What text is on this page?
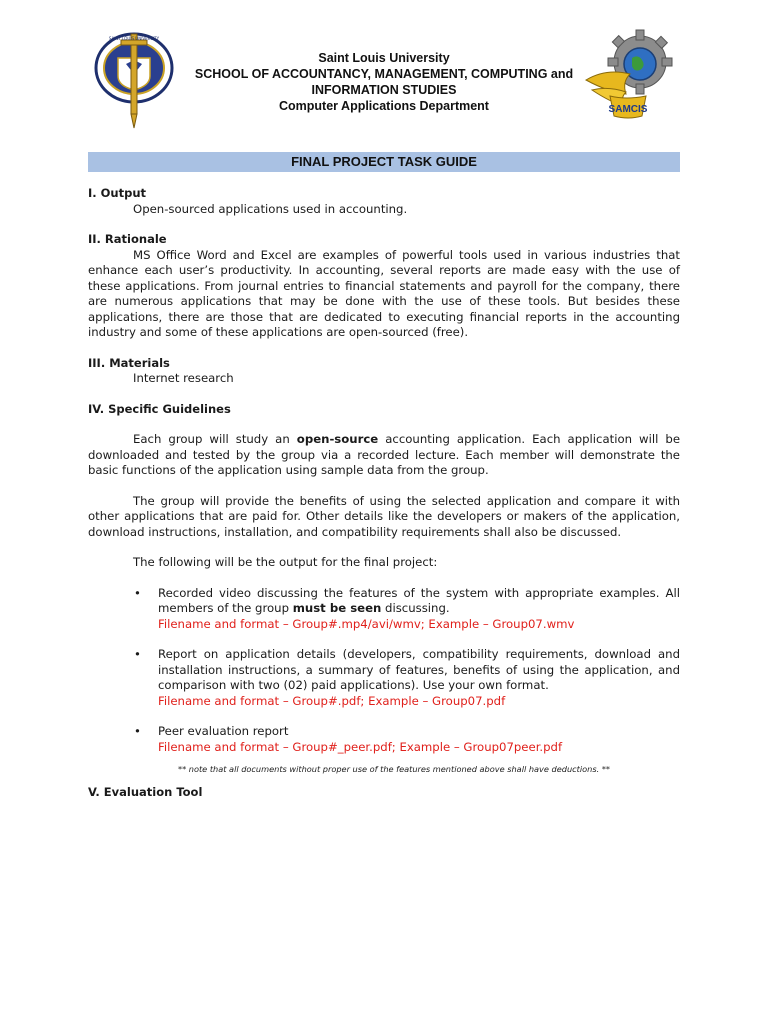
SAINT LOUIS UNIVERSITY
Saint Louis University
SCHOOL OF ACCOUNTANCY, MANAGEMENT, COMPUTING and
INFORMATION STUDIES
Computer Applications Department	SAMCIS
FINAL PROJECT TASK GUIDE
I. Output
Open-sourced applications used in accounting.
II. Rationale

MS Office Word and Excel are examples of powerful tools used in various industries that enhance each user’s productivity. In accounting, several reports are made easy with the use of these applications. From journal entries to financial statements and payroll for the company, there are numerous applications that may be done with the use of these tools. But besides these applications, there are those that are dedicated to executing financial reports in the accounting industry and some of these applications are open-sourced (free).

III. Materials
Internet research
IV. Specific Guidelines

Each group will study an open-source accounting application. Each application will be downloaded and tested by the group via a recorded lecture. Each member will demonstrate the basic functions of the application using sample data from the group.

The group will provide the benefits of using the selected application and compare it with other applications that are paid for. Other details like the developers or makers of the application, download instructions, installation, and compatibility requirements shall also be discussed.

The following will be the output for the final project:

• Recorded video discussing the features of the system with appropriate examples. All members of the group must be seen discussing.
Filename and format – Group#.mp4/avi/wmv; Example – Group07.wmv
• Report on application details (developers, compatibility requirements, download and installation instructions, a summary of features, benefits of using the application, and comparison with two (02) paid applications). Use your own format.
Filename and format – Group#.pdf; Example – Group07.pdf
• Peer evaluation report
Filename and format – Group#_peer.pdf; Example – Group07peer.pdf
** note that all documents without proper use of the features mentioned above shall have deductions. **
V. Evaluation Tool
